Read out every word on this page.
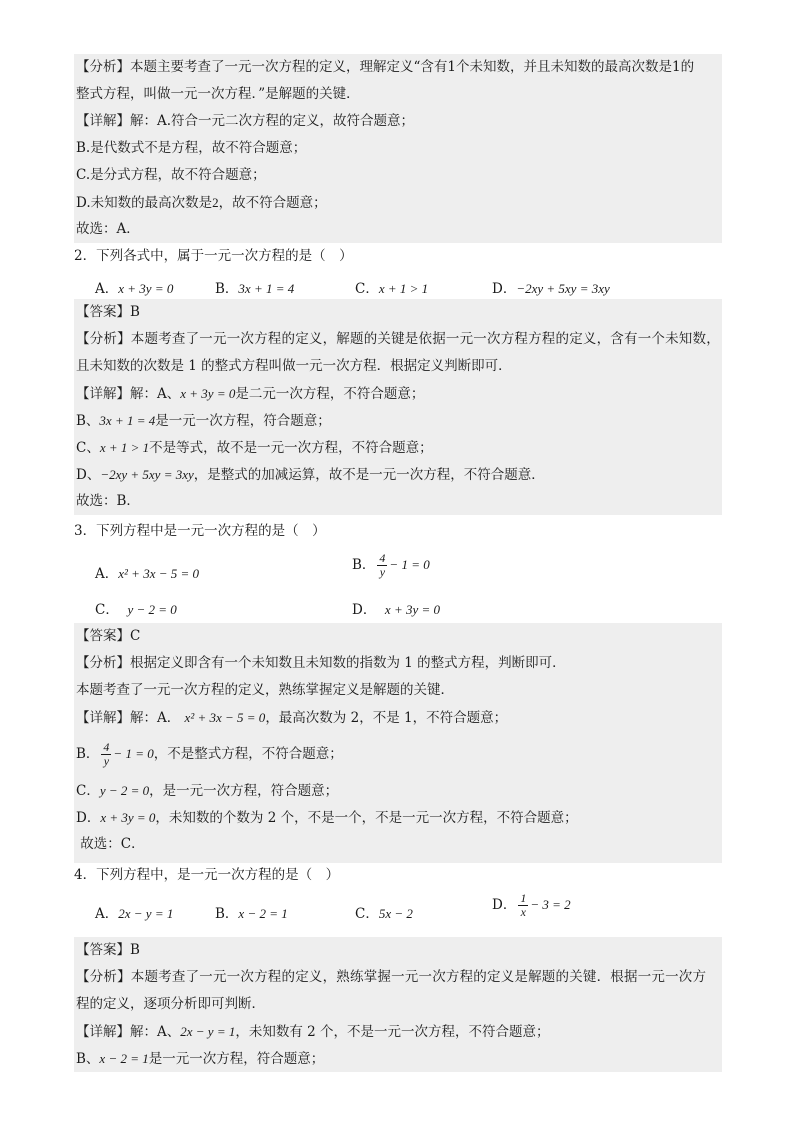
【分析】本题主要考查了一元一次方程的定义，理解定义“含有1个未知数，并且未知数的最高次数是1的
整式方程，叫做一元一次方程．”是解题的关键．
【详解】解：A.符合一元二次方程的定义，故符合题意；
B.是代数式不是方程，故不符合题意；
C.是分式方程，故不符合题意；
D.未知数的最高次数是2，故不符合题意；
故选：A．
2．下列各式中，属于一元一次方程的是（　）
A．x + 3y = 0	B．3x + 1 = 4	C．x + 1 > 1	D．−2xy + 5xy = 3xy
【答案】B
【分析】本题考查了一元一次方程的定义，解题的关键是依据一元一次方程方程的定义，含有一个未知数，
且未知数的次数是 1 的整式方程叫做一元一次方程．根据定义判断即可．
【详解】解：A、x + 3y = 0是二元一次方程，不符合题意；
B、3x + 1 = 4是一元一次方程，符合题意；
C、x + 1 > 1不是等式，故不是一元一次方程，不符合题意；
D、−2xy + 5xy = 3xy，是整式的加减运算，故不是一元一次方程，不符合题意．
故选：B．
3．下列方程中是一元一次方程的是（　）
A．x² + 3x − 5 = 0
B． $\frac{4}{y} - 1 = 0$
C． y − 2 = 0	D． x + 3y = 0
【答案】C
【分析】根据定义即含有一个未知数且未知数的指数为 1 的整式方程，判断即可．
本题考查了一元一次方程的定义，熟练掌握定义是解题的关键．
【详解】解：A． x² + 3x − 5 = 0，最高次数为 2，不是 1，不符合题意；
B． $\frac{4}{y} - 1 = 0$，不是整式方程，不符合题意；
C．y − 2 = 0，是一元一次方程，符合题意；
D．x + 3y = 0，未知数的个数为 2 个，不是一个，不是一元一次方程，不符合题意；
故选：C．
4．下列方程中，是一元一次方程的是（　）
A．2x − y = 1	B．x − 2 = 1	C．5x − 2
D． $\frac{1}{x} - 3 = 2$
【答案】B
【分析】本题考查了一元一次方程的定义，熟练掌握一元一次方程的定义是解题的关键．根据一元一次方
程的定义，逐项分析即可判断．
【详解】解：A、2x − y = 1，未知数有 2 个，不是一元一次方程，不符合题意；
B、x − 2 = 1是一元一次方程，符合题意；
